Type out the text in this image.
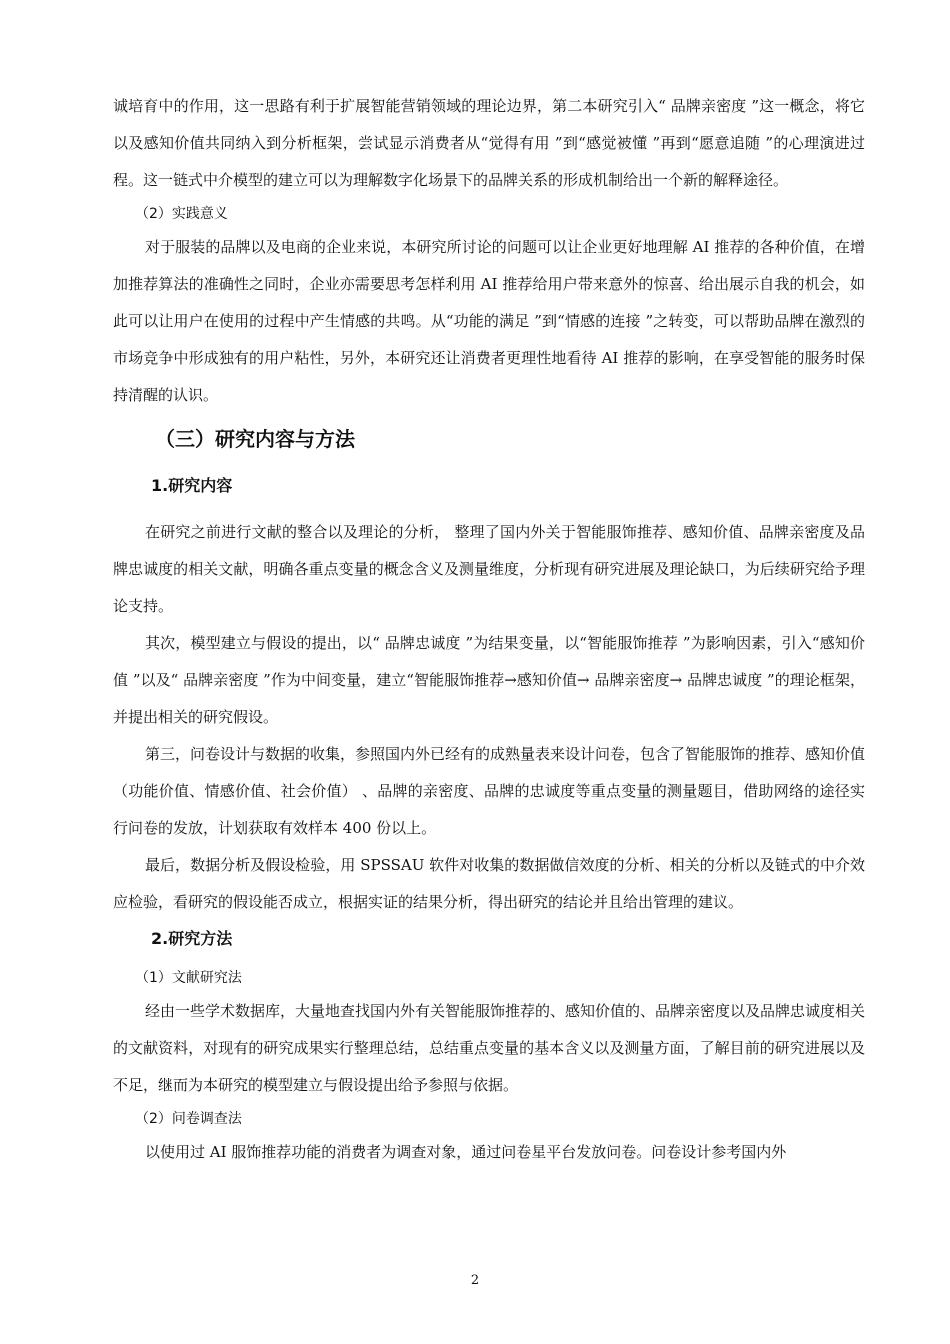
诚培育中的作用，这一思路有利于扩展智能营销领域的理论边界，第二本研究引入“ 品牌亲密度 ”这一概念，将它以及感知价值共同纳入到分析框架，尝试显示消费者从“觉得有用 ”到“感觉被懂 ”再到“愿意追随 ”的心理演进过程。这一链式中介模型的建立可以为理解数字化场景下的品牌关系的形成机制给出一个新的解释途径。

（2）实践意义

对于服装的品牌以及电商的企业来说，本研究所讨论的问题可以让企业更好地理解 AI 推荐的各种价值，在增加推荐算法的准确性之同时，企业亦需要思考怎样利用 AI 推荐给用户带来意外的惊喜、给出展示自我的机会，如此可以让用户在使用的过程中产生情感的共鸣。从“功能的满足 ”到“情感的连接 ”之转变，可以帮助品牌在激烈的市场竞争中形成独有的用户粘性，另外，本研究还让消费者更理性地看待 AI 推荐的影响，在享受智能的服务时保持清醒的认识。

（三）研究内容与方法
1.研究内容

在研究之前进行文献的整合以及理论的分析， 整理了国内外关于智能服饰推荐、感知价值、品牌亲密度及品牌忠诚度的相关文献，明确各重点变量的概念含义及测量维度，分析现有研究进展及理论缺口，为后续研究给予理论支持。

其次，模型建立与假设的提出，以“ 品牌忠诚度 ”为结果变量，以“智能服饰推荐 ”为影响因素，引入“感知价值 ”以及“ 品牌亲密度 ”作为中间变量，建立“智能服饰推荐→感知价值→ 品牌亲密度→ 品牌忠诚度 ”的理论框架，并提出相关的研究假设。

第三，问卷设计与数据的收集，参照国内外已经有的成熟量表来设计问卷，包含了智能服饰的推荐、感知价值（功能价值、情感价值、社会价值） 、品牌的亲密度、品牌的忠诚度等重点变量的测量题目，借助网络的途径实行问卷的发放，计划获取有效样本 400 份以上。

最后，数据分析及假设检验，用 SPSSAU 软件对收集的数据做信效度的分析、相关的分析以及链式的中介效应检验，看研究的假设能否成立，根据实证的结果分析，得出研究的结论并且给出管理的建议。

2.研究方法

（1）文献研究法

经由一些学术数据库，大量地查找国内外有关智能服饰推荐的、感知价值的、品牌亲密度以及品牌忠诚度相关的文献资料，对现有的研究成果实行整理总结，总结重点变量的基本含义以及测量方面，了解目前的研究进展以及不足，继而为本研究的模型建立与假设提出给予参照与依据。

（2）问卷调查法

以使用过 AI 服饰推荐功能的消费者为调查对象，通过问卷星平台发放问卷。问卷设计参考国内外

2
